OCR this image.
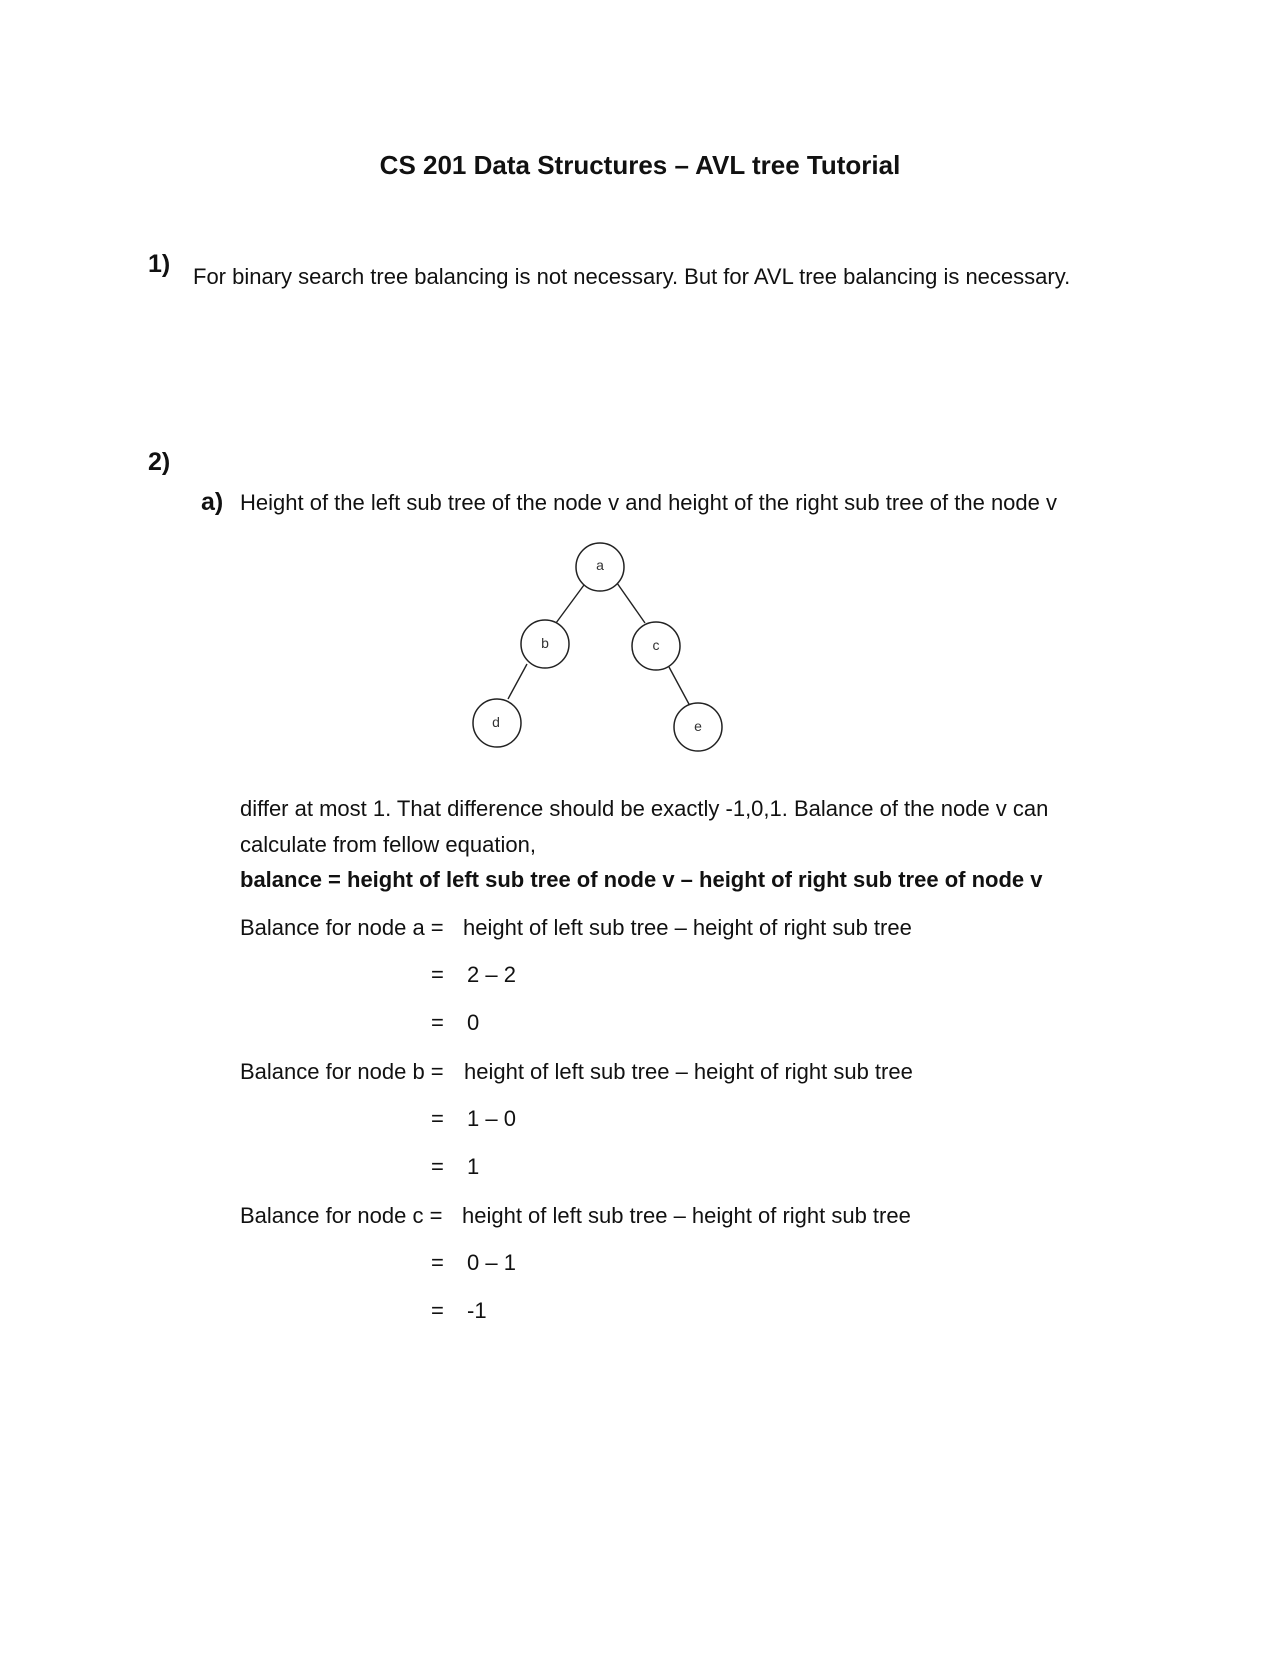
CS 201 Data Structures – AVL tree Tutorial
1) For binary search tree balancing is not necessary. But for AVL tree balancing is necessary.
2)
a) Height of the left sub tree of the node v and height of the right sub tree of the node v
a
b	c
d	e
differ at most 1. That difference should be exactly -1,0,1. Balance of the node v can
calculate from fellow equation,
balance = height of left sub tree of node v – height of right sub tree of node v
Balance for node a = height of left sub tree – height of right sub tree
= 2 – 2
= 0
Balance for node b = height of left sub tree – height of right sub tree
= 1 – 0
= 1
Balance for node c = height of left sub tree – height of right sub tree
= 0 – 1
= -1
